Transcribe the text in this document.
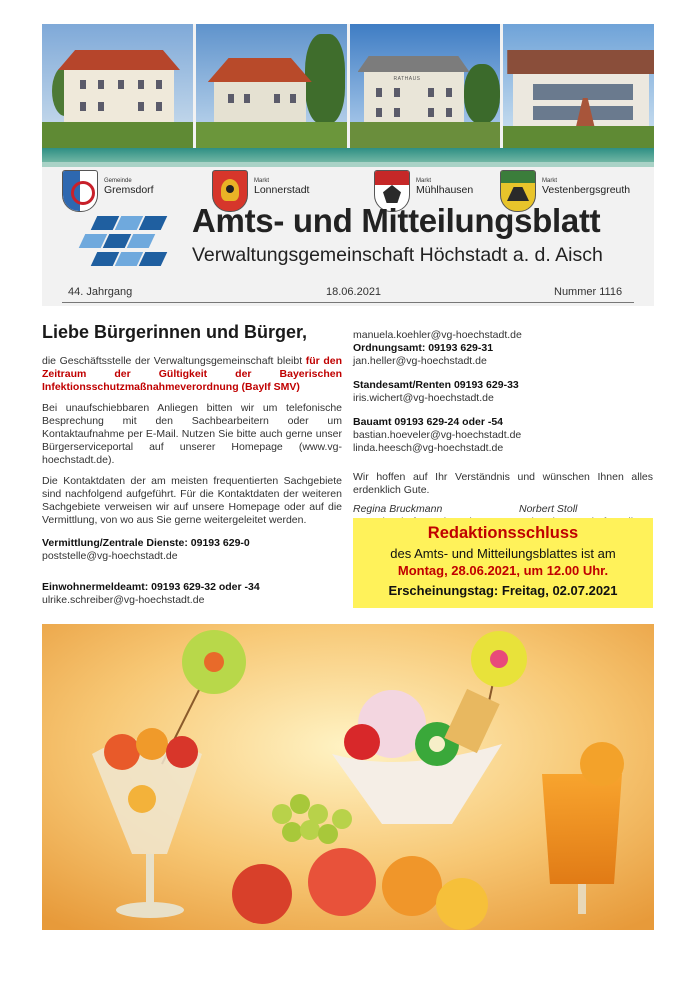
RATHAUS
Gemeinde
Gremsdorf
Markt
Lonnerstadt
Markt
Mühlhausen
Markt
Vestenbergsgreuth
Amts- und Mitteilungsblatt
Verwaltungsgemeinschaft Höchstadt a. d. Aisch
44. Jahrgang	18.06.2021	Nummer 1116
Liebe Bürgerinnen und Bürger,

die Geschäftsstelle der Verwaltungsgemeinschaft bleibt für den Zeitraum der Gültigkeit der Bayerischen Infektionsschutzmaßnahmeverordnung (BayIf SMV)

Bei unaufschiebbaren Anliegen bitten wir um telefonische Besprechung mit den Sachbearbeitern oder um Kontaktaufnahme per E-Mail. Nutzen Sie bitte auch gerne unser Bürgerserviceportal auf unserer Homepage (www.vg-hoechstadt.de).

Die Kontaktdaten der am meisten frequentierten Sachgebiete sind nachfolgend aufgeführt. Für die Kontaktdaten der weiteren Sachgebiete verweisen wir auf unsere Homepage oder auf die Vermittlung, von wo aus Sie gerne weitergeleitet werden.

Vermittlung/Zentrale Dienste: 09193 629-0
poststelle@vg-hoechstadt.de
Einwohnermeldeamt: 09193 629-32 oder -34
ulrike.schreiber@vg-hoechstadt.de
manuela.koehler@vg-hoechstadt.de
Ordnungsamt: 09193 629-31
jan.heller@vg-hoechstadt.de
Standesamt/Renten 09193 629-33
iris.wichert@vg-hoechstadt.de
Bauamt 09193 629-24 oder -54
bastian.hoeveler@vg-hoechstadt.de
linda.heesch@vg-hoechstadt.de

Wir hoffen auf Ihr Verständnis und wünschen Ihnen alles erdenklich Gute.

Regina Bruckmann	Norbert Stoll
Redaktionsschluss
des Amts- und Mitteilungsblattes ist am
Montag, 28.06.2021, um 12.00 Uhr.
Erscheinungstag: Freitag, 02.07.2021
